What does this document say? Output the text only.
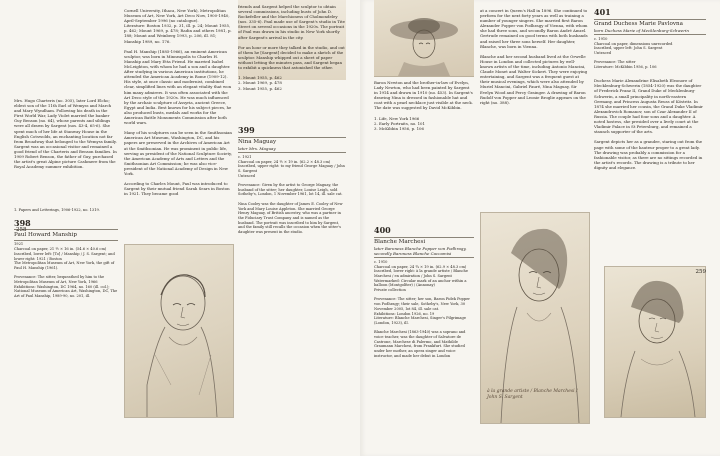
Mrs. Hugo Charteris (no. 305), later Lord Elcho; eldest son of the 11th Earl of Wemyss and March and Mary Wyndham. Following his death in the First World War, Lady Violet married the banker Guy Benson (no. 64), whose parents and siblings were all drawn by Sargent (nos. 43-4, 65-6). She spent much of her life at Stanway House in the English Cotswolds, an enchanting location not far from Broadway that belonged to the Wemyss family. Sargent was an occasional visitor and remained a good friend of the Charteris and Benson families. In 1909 Robert Benson, the father of Guy, purchased the artist's great Alpine picture Cashmere from the Royal Academy summer exhibition.

1. Papers and Letterings, 1906-1922, no. 1319.

398

Paul Howard Manship

1921
Charcoal on paper, 21 ½ × 16 in. (54.6 × 40.6 cm)
Inscribed, lower left: [To] / Manship / J. S. Sargent; and lower right: 1921 / Boston
The Metropolitan Museum of Art, New York, the gift of Paul H. Manship (1961).

Provenance: The sitter, bequeathed by him to the Metropolitan Museum of Art, New York, 1966
Exhibitions: Washington, DC 1964, no. 160 (ill. col.); National Museum of American Art, Washington, DC, The Art of Paul Manship, 1989-90, no. 201, ill.

Cornell University, Ithaca, New York), Metropolitan Museum of Art, New York, Art Deco Now, 1900-1940, April-September 1996 (no catalogue).
Literature: Boston 1932, p. 31, ill. p. 24; Mount 1955, p. 462; Mount 1969, p. 478; Radin and others 1981, p. 188; Mount and Weinberg 1993, p. 206, ill. 81; Manship 1989, no. 176.

Paul H. Manship (1885-1966), an eminent American sculptor, was born in Minneapolis to Charles H. Manship and Mary Etta Friend. He married Isabel McLeighton, with whom he had a son and a daughter. After studying in various American institutions, he attended the American Academy in Rome (1909-12). His style, at once classic and modernist, combined clear, simplified lines with an elegant vitality that won him many admirers. It was often associated with the Art Deco style of the 1920s. He was much influenced by the archaic sculpture of Assyria, ancient Greece, Egypt and India. Best known for his subject pieces, he also produced busts, medals and works for the American Battle Monuments Commission after both world wars.

Many of his sculptures can be seen in the Smithsonian American Art Museum, Washington, DC, and his papers are preserved in the Archives of American Art at the Smithsonian. He was prominent in public life, serving as president of the National Sculpture Society, the American Academy of Arts and Letters and the Smithsonian Art Commission; he was also vice-president of the National Academy of Design in New York.

According to Charles Mount, Paul was introduced to Sargent by their mutual friend Sarah Sears in Boston in 1921. They became good

258

friends and Sargent helped the sculptor to obtain several commissions, including busts of John D. Rockefeller and the Marchioness of Cholmondeley (nos. 335-6). Paul made use of Sargent's studio in Tite Street on several occasions in the 1920s. The portrait of Paul was drawn in his studio in New York shortly after Sargent's arrival in the city.

For an hour or more they talked in the studio, and out of them he [Sargent] decided to make a sketch of the sculptor. Manship whipped out a sheet of paper without letting the minutes pass, and Sargent began to exhibit a quickness that astonished the other.

1. Mount 1955, p. 462
2. Mount 1969, p. 478
3. Mount 1955, p. 462

399

Nina Maguay

later Mrs. Maguay

c. 1921
Charcoal on paper, 24 ½ × 19 in. (62.2 × 48.3 cm)
Inscribed, upper right: to my friend George Maguay / John S. Sargent
Untraced

Provenance: Given by the artist to George Maguay, the husband of the sitter; her daughter, Louise Leigh, sold Sotheby's, London, 1 November 1961, lot 14, ill. sale cat.

Nina Cooley was the daughter of James E. Cooley of New York and Mary Louise Appleton. She married George Henry Maguay, of British ancestry, who was a partner in the Fiduciary Trust Company and is named as the husband. The portrait was inscribed to him by Sargent, and the family still recalls the occasion when the sitter's daughter was present in the studio.

Baron Newton and the brother-in-law of Evelyn, Lady Newton, who had been painted by Sargent in 1914 and drawn in 1910 (no. 453). In Sargent's drawing Nina is dressed in fashionable hat and coat with a pearl necklace just visible at the neck. The date was suggested by David McKibbin.

1. Life, New York 1966
2. Early Portraits, no. 101
3. McKibbin 1956, p. 106

400

Blanche Marchesi

later Baroness Blanche Popper von Podhragy, secondly Baroness Blanche Caccamisi

c. 1910
Charcoal on paper, 24 ¾ × 19 in. (62.9 × 48.3 cm)
Inscribed, lower right: à la grande artiste / Blanche Marchesi / en admiration / John S. Sargent
Watermarked: Circular mark of an anchor within a balloon (Montgolfier) / (Annonay)
Private collection

Provenance: The sitter; her son, Baron Pidek Popper von Podhragy; their sale, Sotheby's, New York, 30 November 2005, lot 84, ill. sale cat.
Exhibitions: London 1926, no. 19
Literature: Blanche Marchesi, Singer's Pilgrimage (London, 1923), ill.

Blanche Marchesi (1863-1940) was a soprano and voice teacher, was the daughter of Salvatore de Castrone, Marchese di Palermo, and Mathilde Graumann Marchesi, from Frankfurt. She studied under her mother, an opera singer and voice instructor, and made her debut in London

at a concert in Queen's Hall in 1896. She continued to perform for the next forty years as well as training a number of younger singers. She married first Baron Alexander Popper von Podhragy of Vienna, with whom she had three sons, and secondly Baron André Amzel. Gertrude remained on good terms with both husbands and raised her three sons herself. Her daughter, Blanche, was born in Vienna.

Blanche and her second husband lived at the Orwelle House in London and collected pictures by well-known artists of the time, including Antonio Mancini, Claude Monet and Walter Sickert. They were enjoying entertaining, and Sargent was a frequent guest at their musical evenings, which were also attended by Muriel Mancini, Gabriel Fauré, Nina Maguay, Sir Evelyn Wood and Percy Grainger. A drawing of Baron Rudolf von Popper and Leonie Broglie appears on the right (no. 388).

à la grande artiste / Blanche Marchesi / John S. Sargent

401

Grand Duchess Marie Pavlovna

born Duchess Marie of Mecklenburg-Schwerin

c. 1910
Charcoal on paper, dimensions unrecorded
Inscribed, upper left: John S. Sargent
Untraced

Provenance: The sitter
Literature: McKibbin 1956, p. 106

Duchess Marie Alexandrine Elisabeth Eleonore of Mecklenburg-Schwerin (1854-1920) was the daughter of Frederick Franz II, Grand Duke of Mecklenburg-Schwerin, a small principality in north-eastern Germany, and Princess Augusta Reuss of Köstritz. In 1874 she married her cousin, the Grand Duke Vladimir Alexandrovich Romanov, son of Czar Alexander II of Russia. The couple had four sons and a daughter. A noted hostess, she presided over a lively court at the Vladimir Palace in St Petersburg, and remained a staunch supporter of the arts.

Sargent depicts her as a grandee, staring out from the page with some of the hauteur proper to a great lady. The drawing was probably a commission for a fashionable visitor, as there are no sittings recorded in the artist's records. The drawing is a tribute to her dignity and elegance.

259
